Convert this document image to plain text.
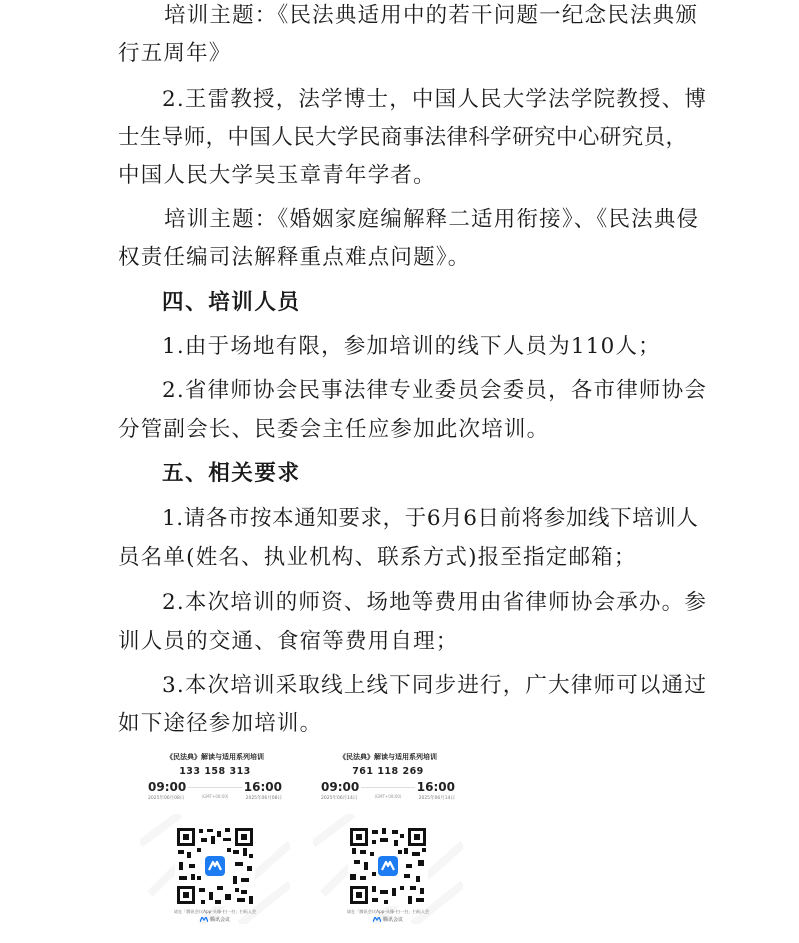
培训主题：《民法典适用中的若干问题一纪念民法典颁
行五周年》
2.王雷教授，法学博士，中国人民大学法学院教授、博
士生导师，中国人民大学民商事法律科学研究中心研究员，
中国人民大学吴玉章青年学者。
培训主题：《婚姻家庭编解释二适用衔接》、《民法典侵
权责任编司法解释重点难点问题》。
四、培训人员
1.由于场地有限，参加培训的线下人员为110人；
2.省律师协会民事法律专业委员会委员，各市律师协会
分管副会长、民委会主任应参加此次培训。
五、相关要求
1.请各市按本通知要求，于6月6日前将参加线下培训人
员名单(姓名、执业机构、联系方式)报至指定邮箱；
2.本次培训的师资、场地等费用由省律师协会承办。参
训人员的交通、食宿等费用自理；
3.本次培训采取线上线下同步进行，广大律师可以通过
如下途径参加培训。
《民法典》解读与适用系列培训
133 158 313
09:00	16:00
(GMT+08:00)
2025年06月08日	2025年06月08日
请在「腾讯会议App-头像-扫一扫」扫码入会
腾讯会议
《民法典》解读与适用系列培训
761 118 269
09:00	16:00
(GMT+08:00)
2025年06月14日	2025年06月14日
请在「腾讯会议App-头像-扫一扫」扫码入会
腾讯会议
